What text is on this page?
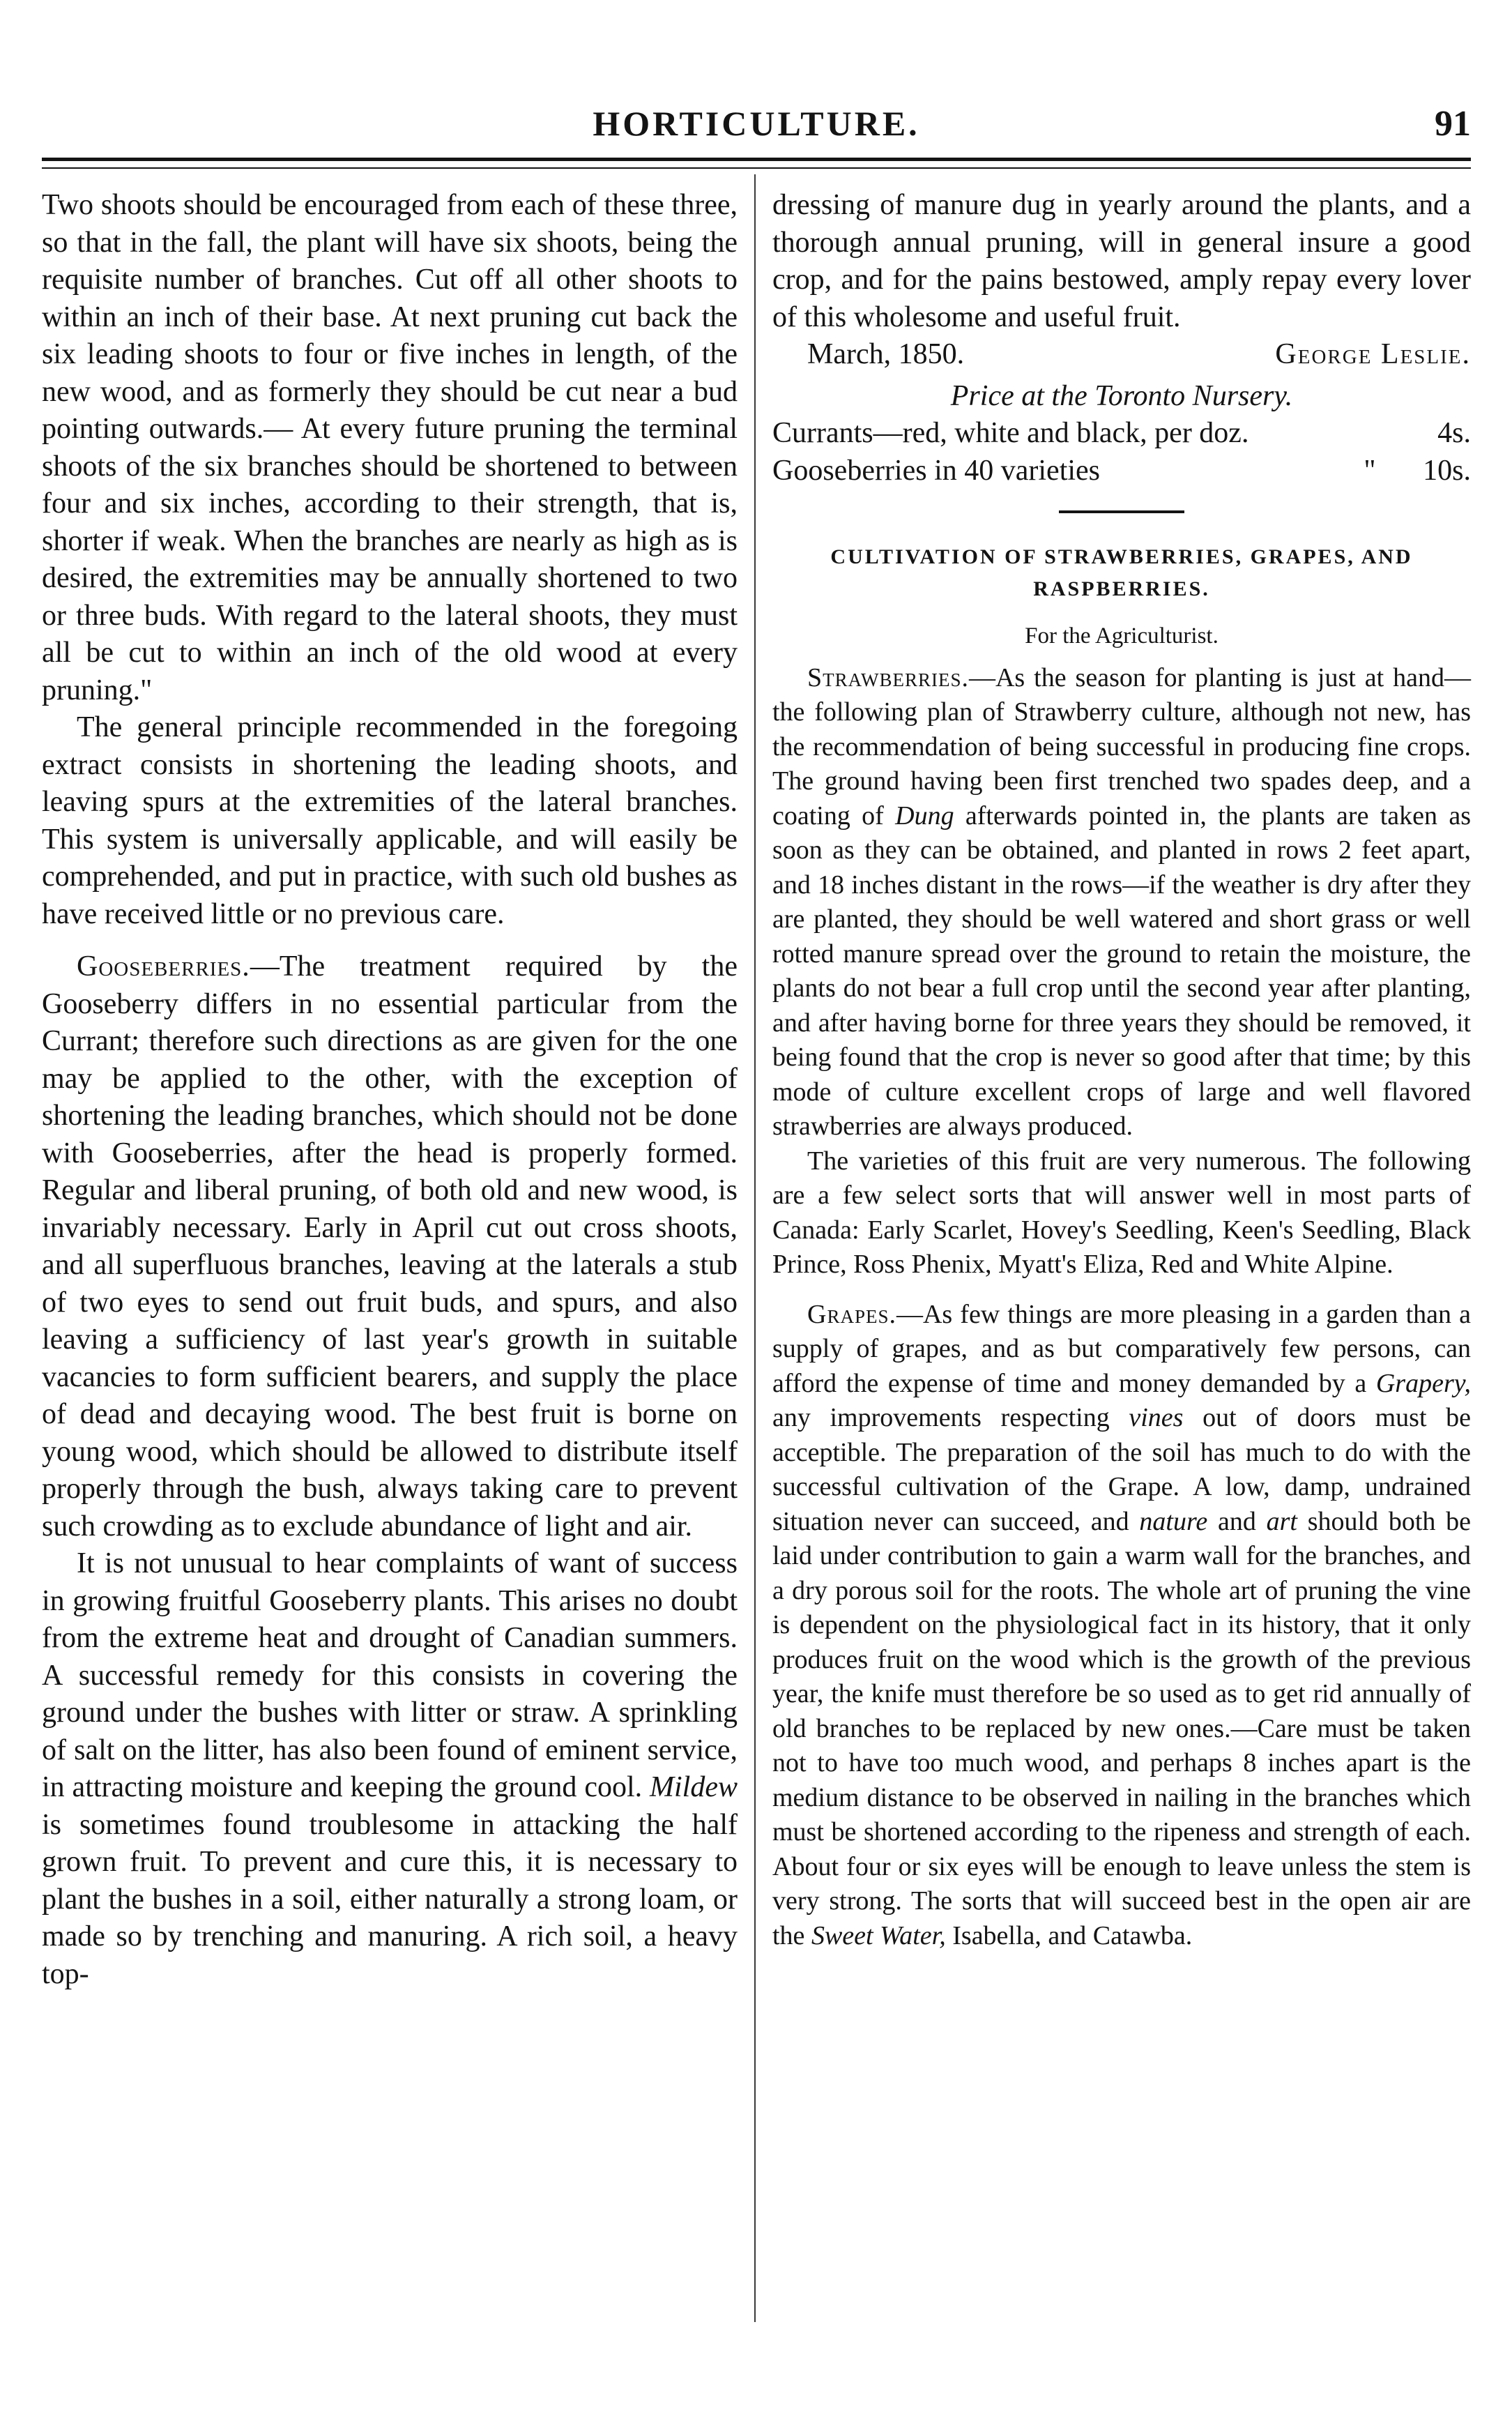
HORTICULTURE.	91

Two shoots should be encouraged from each of these three, so that in the fall, the plant will have six shoots, being the requisite number of branches. Cut off all other shoots to within an inch of their base. At next pruning cut back the six leading shoots to four or five inches in length, of the new wood, and as formerly they should be cut near a bud pointing outwards.— At every future pruning the terminal shoots of the six branches should be shortened to between four and six inches, according to their strength, that is, shorter if weak. When the branches are nearly as high as is desired, the extremities may be annually shortened to two or three buds. With regard to the lateral shoots, they must all be cut to within an inch of the old wood at every pruning."

The general principle recommended in the foregoing extract consists in shortening the leading shoots, and leaving spurs at the extremities of the lateral branches. This system is universally applicable, and will easily be comprehended, and put in practice, with such old bushes as have received little or no previous care.

Gooseberries.—The treatment required by the Gooseberry differs in no essential particular from the Currant; therefore such directions as are given for the one may be applied to the other, with the exception of shortening the leading branches, which should not be done with Gooseberries, after the head is properly formed. Regular and liberal pruning, of both old and new wood, is invariably necessary. Early in April cut out cross shoots, and all superfluous branches, leaving at the laterals a stub of two eyes to send out fruit buds, and spurs, and also leaving a sufficiency of last year's growth in suitable vacancies to form sufficient bearers, and supply the place of dead and decaying wood. The best fruit is borne on young wood, which should be allowed to distribute itself properly through the bush, always taking care to prevent such crowding as to exclude abundance of light and air.

It is not unusual to hear complaints of want of success in growing fruitful Gooseberry plants. This arises no doubt from the extreme heat and drought of Canadian summers. A successful remedy for this consists in covering the ground under the bushes with litter or straw. A sprinkling of salt on the litter, has also been found of eminent service, in attracting moisture and keeping the ground cool. Mildew is sometimes found troublesome in attacking the half grown fruit. To prevent and cure this, it is necessary to plant the bushes in a soil, either naturally a strong loam, or made so by trenching and manuring. A rich soil, a heavy top-

dressing of manure dug in yearly around the plants, and a thorough annual pruning, will in general insure a good crop, and for the pains bestowed, amply repay every lover of this wholesome and useful fruit.

March, 1850.	George Leslie.
Price at the Toronto Nursery.
Currants—red, white and black, per doz.	4s.
Gooseberries in 40 varieties	"	10s.
CULTIVATION OF STRAWBERRIES, GRAPES, AND
RASPBERRIES.
For the Agriculturist.

Strawberries.—As the season for planting is just at hand—the following plan of Strawberry culture, although not new, has the recommendation of being successful in producing fine crops. The ground having been first trenched two spades deep, and a coating of Dung afterwards pointed in, the plants are taken as soon as they can be obtained, and planted in rows 2 feet apart, and 18 inches distant in the rows—if the weather is dry after they are planted, they should be well watered and short grass or well rotted manure spread over the ground to retain the moisture, the plants do not bear a full crop until the second year after planting, and after having borne for three years they should be removed, it being found that the crop is never so good after that time; by this mode of culture excellent crops of large and well flavored strawberries are always produced.

The varieties of this fruit are very numerous. The following are a few select sorts that will answer well in most parts of Canada: Early Scarlet, Hovey's Seedling, Keen's Seedling, Black Prince, Ross Phenix, Myatt's Eliza, Red and White Alpine.

Grapes.—As few things are more pleasing in a garden than a supply of grapes, and as but comparatively few persons, can afford the expense of time and money demanded by a Grapery, any improvements respecting vines out of doors must be acceptible. The preparation of the soil has much to do with the successful cultivation of the Grape. A low, damp, undrained situation never can succeed, and nature and art should both be laid under contribution to gain a warm wall for the branches, and a dry porous soil for the roots. The whole art of pruning the vine is dependent on the physiological fact in its history, that it only produces fruit on the wood which is the growth of the previous year, the knife must therefore be so used as to get rid annually of old branches to be replaced by new ones.—Care must be taken not to have too much wood, and perhaps 8 inches apart is the medium distance to be observed in nailing in the branches which must be shortened according to the ripeness and strength of each. About four or six eyes will be enough to leave unless the stem is very strong. The sorts that will succeed best in the open air are the Sweet Water, Isabella, and Catawba.
